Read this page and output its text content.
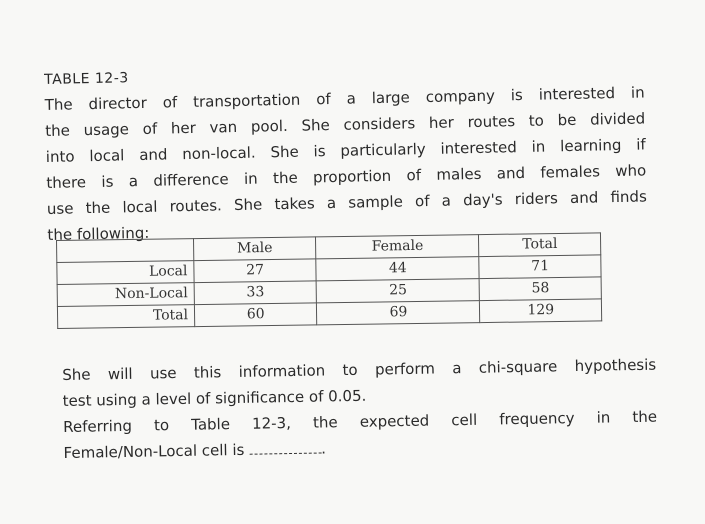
TABLE 12-3

The director of transportation of a large company is interested in
the usage of her van pool. She considers her routes to be divided
into local and non-local. She is particularly interested in learning if
there is a difference in the proportion of males and females who
use the local routes. She takes a sample of a day's riders and finds

the following:

	Male	Female	Total
Local	27	44	71
Non-Local	33	25	58
Total	60	69	129

She will use this information to perform a chi-square hypothesis

test using a level of significance of 0.05.

Referring to Table 12-3, the expected cell frequency in the

Female/Non-Local cell is	.
